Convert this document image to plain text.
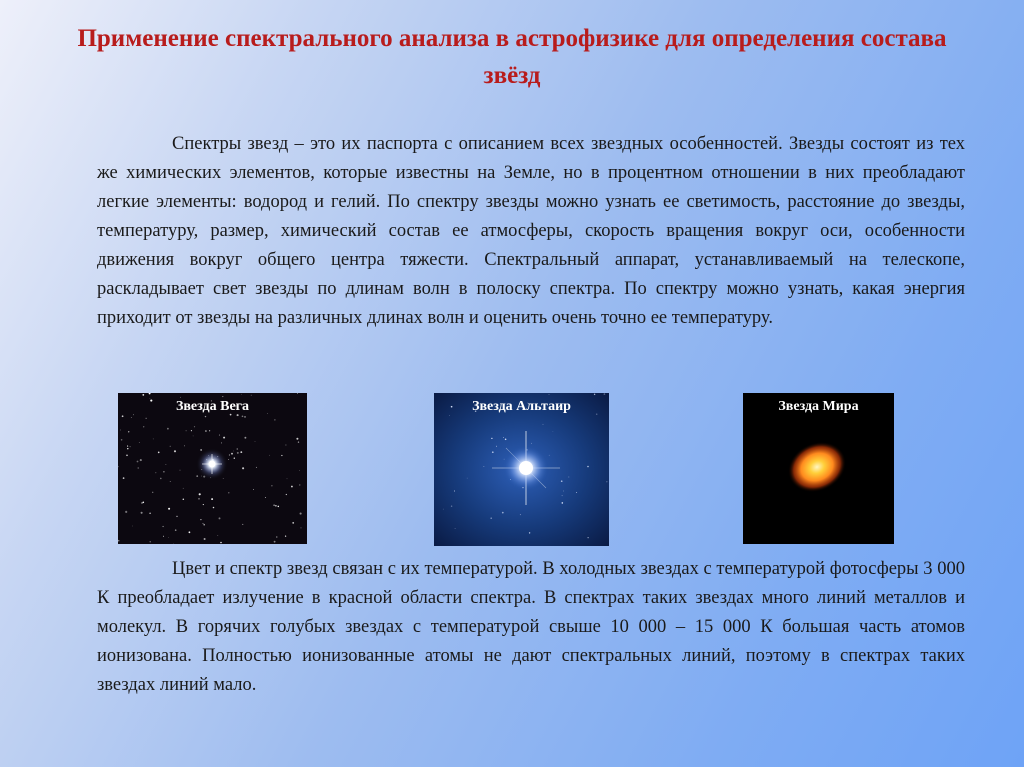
Применение спектрального анализа в астрофизике для определения состава звёзд

Спектры звезд – это их паспорта с описанием всех звездных особенностей. Звезды состоят из тех же химических элементов, которые известны на Земле, но в процентном отношении в них преобладают легкие элементы: водород и гелий. По спектру звезды можно узнать ее светимость, расстояние до звезды, температуру, размер, химический состав ее атмосферы, скорость вращения вокруг оси, особенности движения вокруг общего центра тяжести. Спектральный аппарат, устанавливаемый на телескопе, раскладывает свет звезды по длинам волн в полоску спектра. По спектру можно узнать, какая энергия приходит от звезды на различных длинах волн и оценить очень точно ее температуру.

Звезда Вега	Звезда Альтаир	Звезда Мира

Цвет и спектр звезд связан с их температурой. В холодных звездах с температурой фотосферы 3 000 К преобладает излучение в красной области спектра. В спектрах таких звездах много линий металлов и молекул. В горячих голубых звездах с температурой свыше 10 000 – 15 000 К большая часть атомов ионизована. Полностью ионизованные атомы не дают спектральных линий, поэтому в спектрах таких звездах линий мало.
